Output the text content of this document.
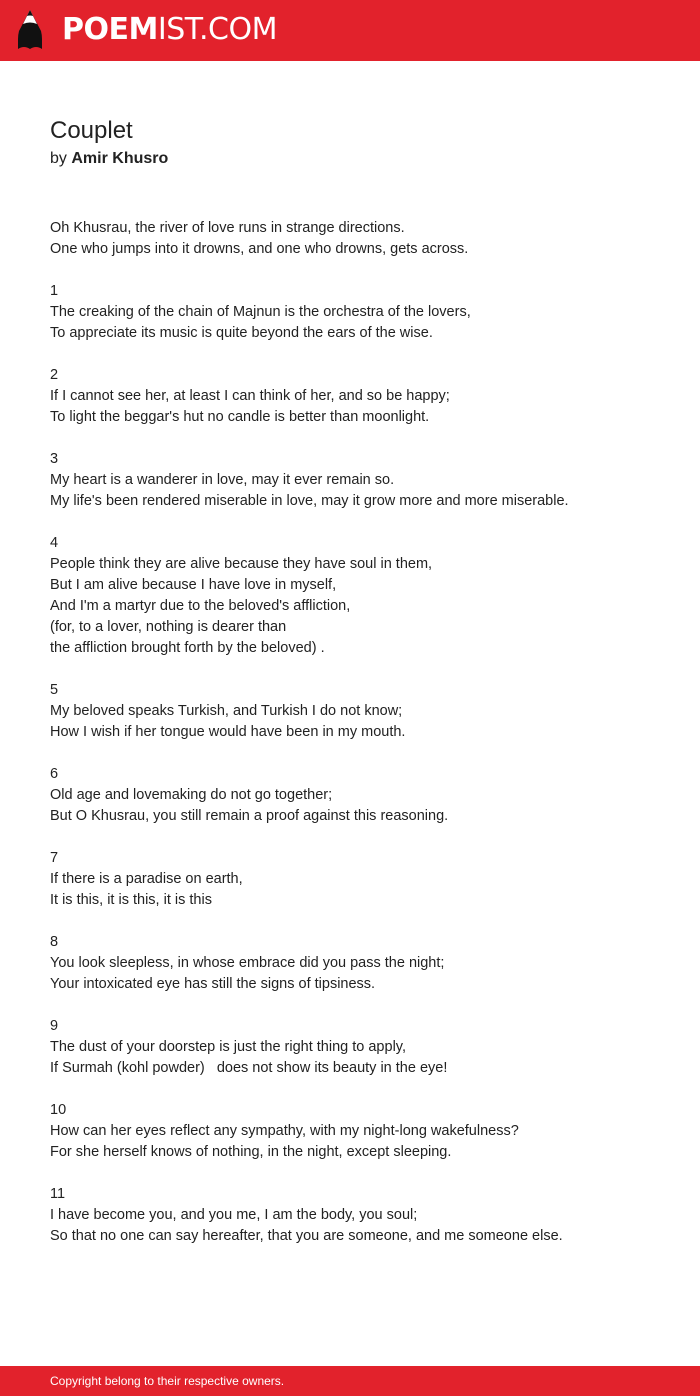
POEMIST.COM
Couplet
by Amir Khusro
Oh Khusrau, the river of love runs in strange directions.
One who jumps into it drowns, and one who drowns, gets across.
1
The creaking of the chain of Majnun is the orchestra of the lovers,
To appreciate its music is quite beyond the ears of the wise.
2
If I cannot see her, at least I can think of her, and so be happy;
To light the beggar's hut no candle is better than moonlight.
3
My heart is a wanderer in love, may it ever remain so.
My life's been rendered miserable in love, may it grow more and more miserable.
4
People think they are alive because they have soul in them,
But I am alive because I have love in myself,
And I'm a martyr due to the beloved's affliction,
(for, to a lover, nothing is dearer than
the affliction brought forth by the beloved) .
5
My beloved speaks Turkish, and Turkish I do not know;
How I wish if her tongue would have been in my mouth.
6
Old age and lovemaking do not go together;
But O Khusrau, you still remain a proof against this reasoning.
7
If there is a paradise on earth,
It is this, it is this, it is this
8
You look sleepless, in whose embrace did you pass the night;
Your intoxicated eye has still the signs of tipsiness.
9
The dust of your doorstep is just the right thing to apply,
If Surmah (kohl powder)   does not show its beauty in the eye!
10
How can her eyes reflect any sympathy, with my night-long wakefulness?
For she herself knows of nothing, in the night, except sleeping.
11
I have become you, and you me, I am the body, you soul;
So that no one can say hereafter, that you are someone, and me someone else.
Copyright belong to their respective owners.
